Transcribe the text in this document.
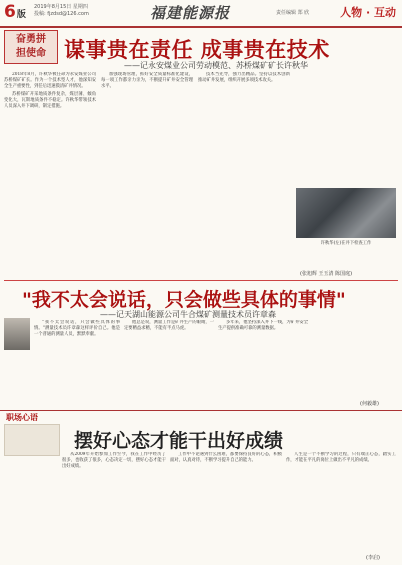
6版
2019年8月15日 星期四
投稿: fjzdsd@126.com	福建能源报	责任编辑 郑 欣	人物 · 互动
奋勇拼
担使命 谋事贵在责任 成事贵在技术
——记永安煤业公司劳动模范、苏桥煤矿矿长许秋华

2018年8月，许秋华被任命为永安煤业公司苏桥煤矿矿长。作为一个技术型人才，他深知安全生产重要性，到任后迅速摸清矿井情况。

苏桥煤矿开采地质条件复杂，煤层薄、倾角变化大，瓦斯地质条件不稳定。许秋华带领技术人员深入井下调研，制定措施。

加强现场管理，抓好安全质量标准化建设，每一项工作都亲力亲为，不断提升矿井安全管理水平。

技术当先导，强力出精品。坚持以技术创新推动矿井发展，组织开展多项技术攻关。

许秋华(左)在井下检查工作
(张旭辉 王玉清 陈国庭)
"我不太会说话，只会做些具体的事情"
——记天湖山能源公司牛合煤矿测量技术员许章森

"我不太会说话，只会做些具体的事情。"测量技术员许章森这样评价自己。他是一个普通的测量人员，默默奉献。

他总是说，测量工作是矿井生产的眼睛，一定要精益求精，不能有半点马虎。

多年来，他坚持深入井下一线，为矿井安全生产提供准确可靠的测量数据。

(何毅雄)
职场心语
摆好心态才能干出好成绩

从2009年开始参加工作至今，我在工作中经历了很多，也收获了很多，心态决定一切，摆好心态才能干出好成绩。

工作中不论遇到什么困难，都要保持良好的心态，积极面对，认真对待，不断学习提升自己的能力。

人生是一个不断学习的过程，只有端正心态，踏实工作，才能在平凡的岗位上做出不平凡的成绩。

(李启)
